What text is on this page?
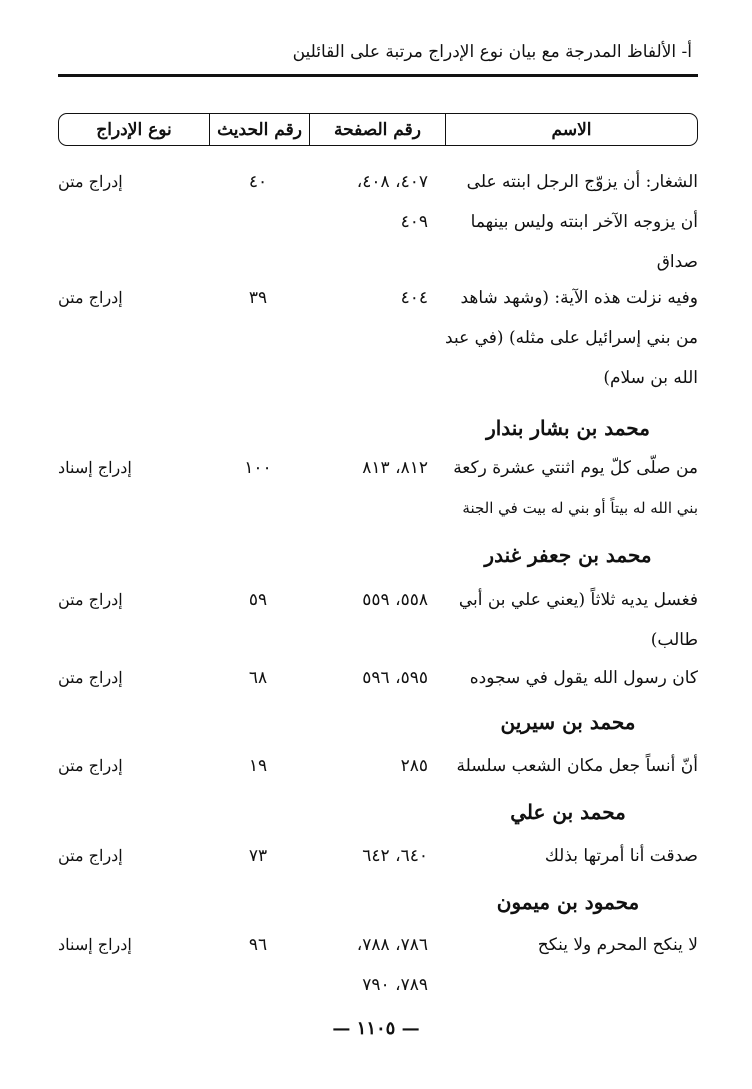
أ- الألفاظ المدرجة مع بيان نوع الإدراج مرتبة على القائلين
الاسم
رقم الصفحة
رقم الحديث
نوع الإدراج
الشغار: أن يزوّج الرجل ابنته على
أن يزوجه الآخر ابنته وليس بينهما
صداق
٤٠٧، ٤٠٨،
٤٠٩
٤٠
إدراج متن
وفيه نزلت هذه الآية: (وشهد شاهد
من بني إسرائيل على مثله) (في عبد
الله بن سلام)
٤٠٤
٣٩
إدراج متن
محمد بن بشار بندار
من صلّى كلّ يوم اثنتي عشرة ركعة
بني الله له بيتاً أو بني له بيت في الجنة
٨١٢، ٨١٣
١٠٠
إدراج إسناد
محمد بن جعفر غندر
فغسل يديه ثلاثاً (يعني علي بن أبي
طالب)
٥٥٨، ٥٥٩
٥٩
إدراج متن
كان رسول الله يقول في سجوده
٥٩٥، ٥٩٦
٦٨
إدراج متن
محمد بن سيرين
أنّ أنساً جعل مكان الشعب سلسلة
٢٨٥
١٩
إدراج متن
محمد بن علي
صدقت أنا أمرتها بذلك
٦٤٠، ٦٤٢
٧٣
إدراج متن
محمود بن ميمون
لا ينكح المحرم ولا ينكح
٧٨٦، ٧٨٨،
٧٨٩، ٧٩٠
٩٦
إدراج إسناد
— ١١٠٥ —
